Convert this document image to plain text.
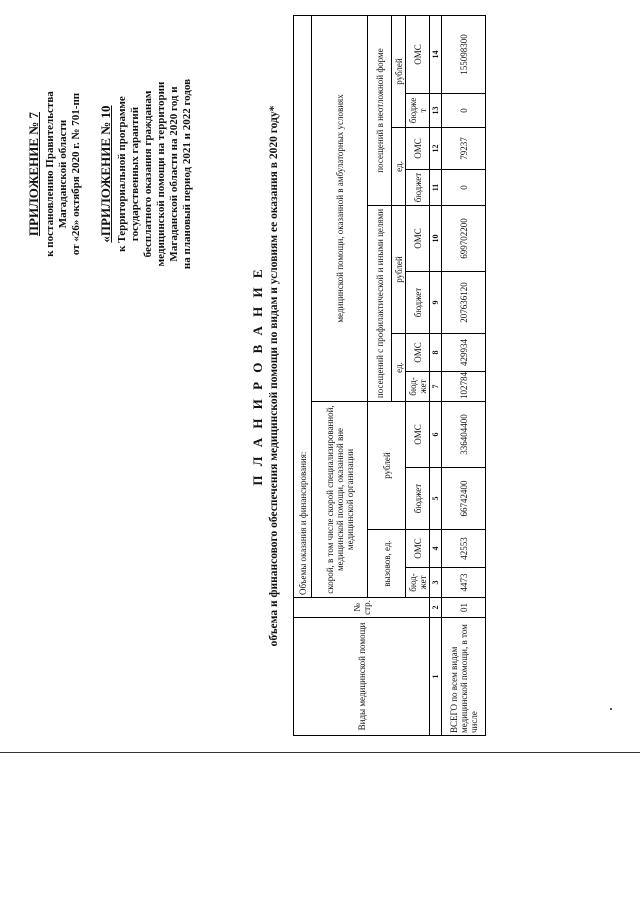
ПРИЛОЖЕНИЕ № 7 к постановлению Правительства Магаданской области от «26» октября 2020 г. № 701-пп «ПРИЛОЖЕНИЕ № 10 к Территориальной программе государственных гарантий бесплатного оказания гражданам медицинской помощи на территории Магаданской области на 2020 год и на плановый период 2021 и 2022 годов
П Л А Н И Р О В А Н И Е объема и финансового обеспечения медицинской помощи по видам и условиям ее оказания в 2020 году*
Виды медицинской помощи	№ стр.	Объемы оказания и финансирования:											
		скорой, в том числе скорой специализированной, медицинской помощи, оказанной вне медицинской организации				медицинской помощи, оказанной в амбулаторных условиях							
		вызовов, ед.		рублей		посещений с профилактической и иными целями				посещений в неотложной форме			
						ед.		рублей		ед.		рублей	
		бюд-жет	ОМС	бюджет	ОМС	бюд-жет	ОМС	бюджет	ОМС	бюджет	ОМС	бюдже т	ОМС
1	2	3	4	5	6	7	8	9	10	11	12	13	14
ВСЕГО по всем видам медицинской помощи, в том числе	01	4473	42553	66742400	336404400	102784	429934	207636120	699702200	0	79237	0	155098300
